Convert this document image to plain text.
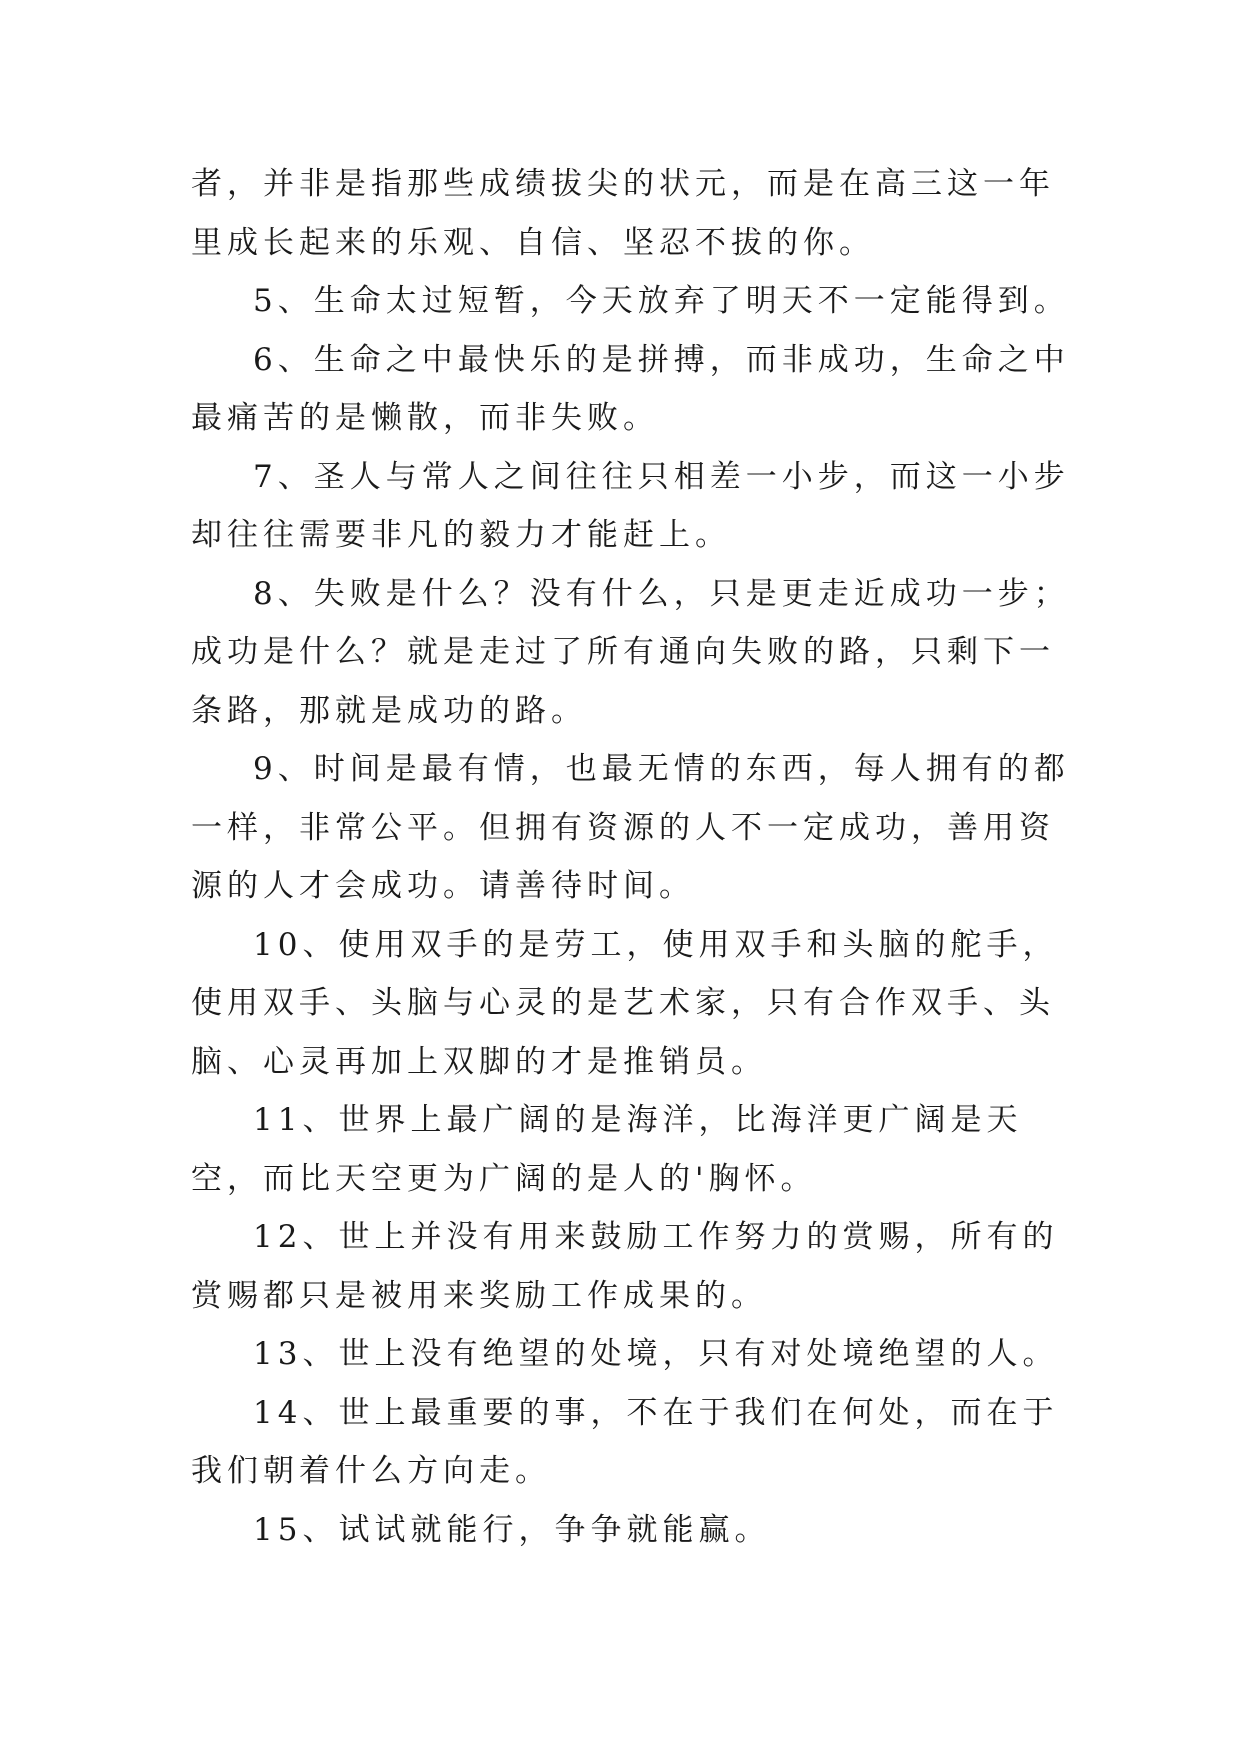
者，并非是指那些成绩拔尖的状元，而是在高三这一年里成长起来的乐观、自信、坚忍不拔的你。

5、生命太过短暂，今天放弃了明天不一定能得到。

6、生命之中最快乐的是拼搏，而非成功，生命之中最痛苦的是懒散，而非失败。

7、圣人与常人之间往往只相差一小步，而这一小步却往往需要非凡的毅力才能赶上。

8、失败是什么？没有什么，只是更走近成功一步；成功是什么？就是走过了所有通向失败的路，只剩下一条路，那就是成功的路。

9、时间是最有情，也最无情的东西，每人拥有的都一样，非常公平。但拥有资源的人不一定成功，善用资源的人才会成功。请善待时间。

10、使用双手的是劳工，使用双手和头脑的舵手，使用双手、头脑与心灵的是艺术家，只有合作双手、头脑、心灵再加上双脚的才是推销员。

11、世界上最广阔的是海洋，比海洋更广阔是天空，而比天空更为广阔的是人的'胸怀。

12、世上并没有用来鼓励工作努力的赏赐，所有的赏赐都只是被用来奖励工作成果的。

13、世上没有绝望的处境，只有对处境绝望的人。

14、世上最重要的事，不在于我们在何处，而在于我们朝着什么方向走。

15、试试就能行，争争就能赢。
